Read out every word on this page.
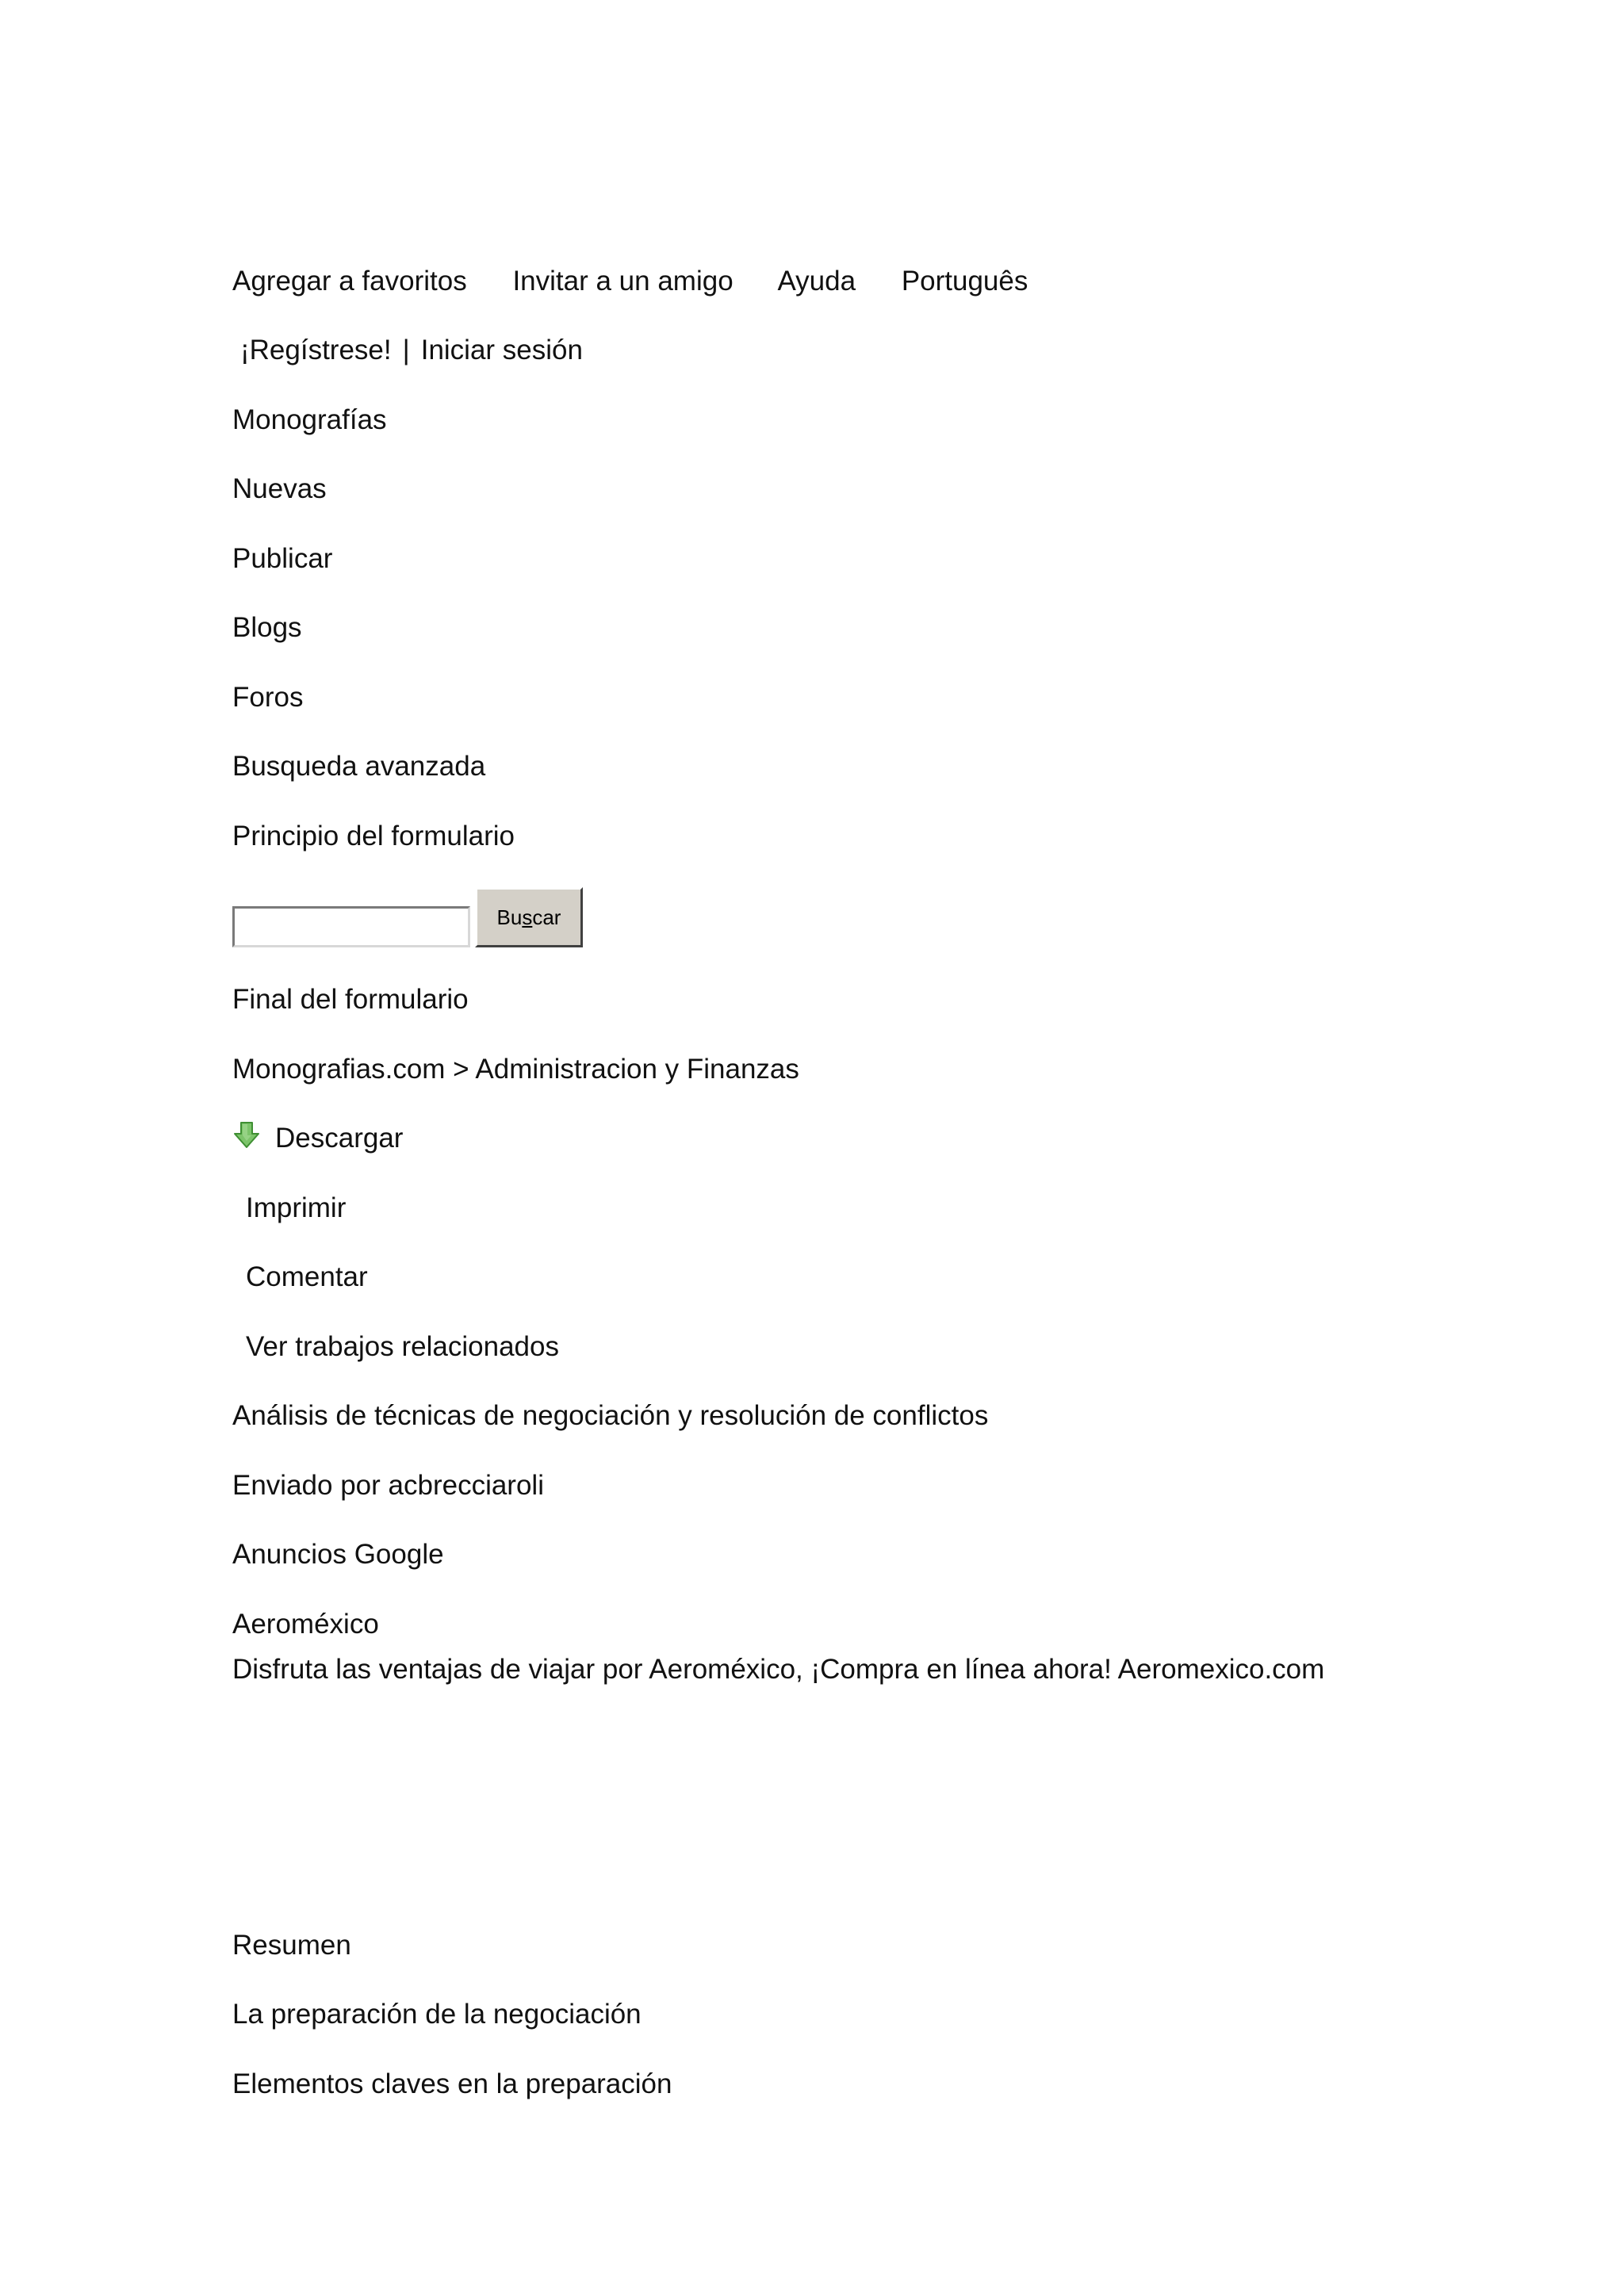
Agregar a favoritos Invitar a un amigo Ayuda Português
¡Regístrese! | Iniciar sesión
Monografías
Nuevas
Publicar
Blogs
Foros
Busqueda avanzada
Principio del formulario
Buscar
Final del formulario
Monografias.com > Administracion y Finanzas
Descargar
Imprimir
Comentar
Ver trabajos relacionados
Análisis de técnicas de negociación y resolución de conflictos
Enviado por acbrecciaroli
Anuncios Google
Aeroméxico
Disfruta las ventajas de viajar por Aeroméxico, ¡Compra en línea ahora! Aeromexico.com
Resumen
La preparación de la negociación
Elementos claves en la preparación
